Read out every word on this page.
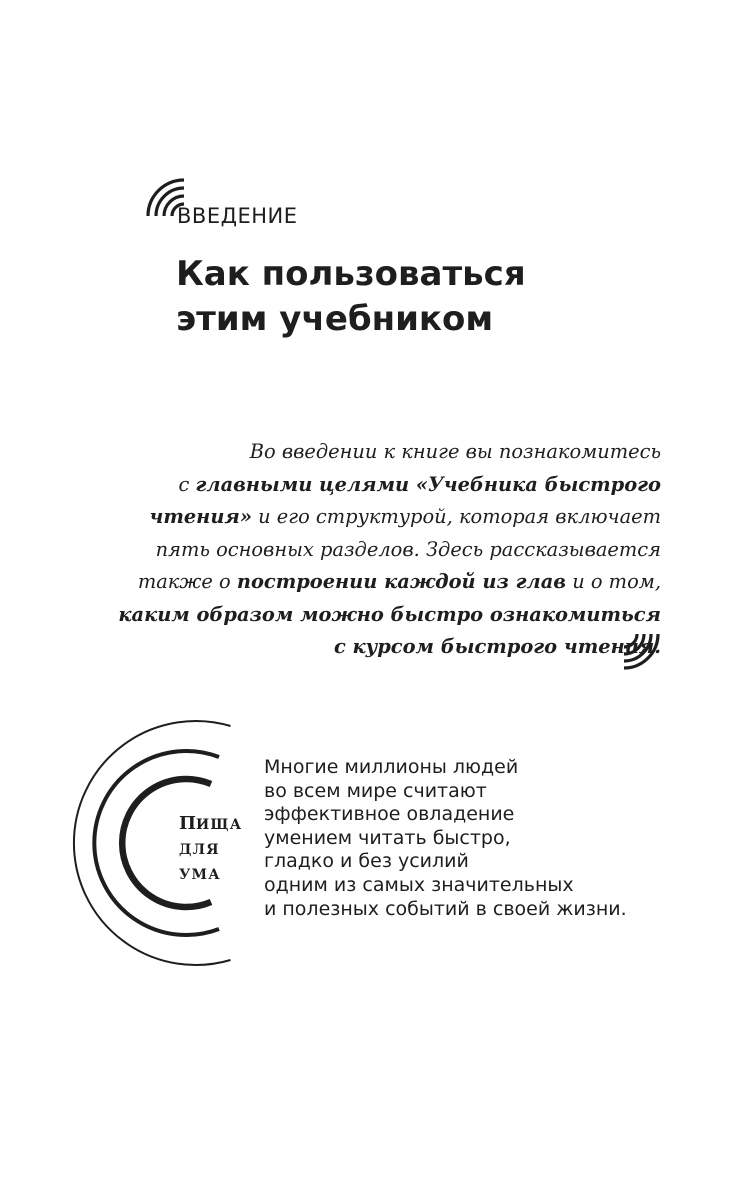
ВВЕДЕНИЕ
Как пользоваться
этим учебником
Во введении к книге вы познакомитесь
с главными целями «Учебника быстрого
чтения» и его структурой, которая включает
пять основных разделов. Здесь рассказывается
также о построении каждой из глав и о том,
каким образом можно быстро ознакомиться
с курсом быстрого чтения.
ПИЩА
ДЛЯ
УМА
Многие миллионы людей
во всем мире считают
эффективное овладение
умением читать быстро,
гладко и без усилий
одним из самых значительных
и полезных событий в своей жизни.
